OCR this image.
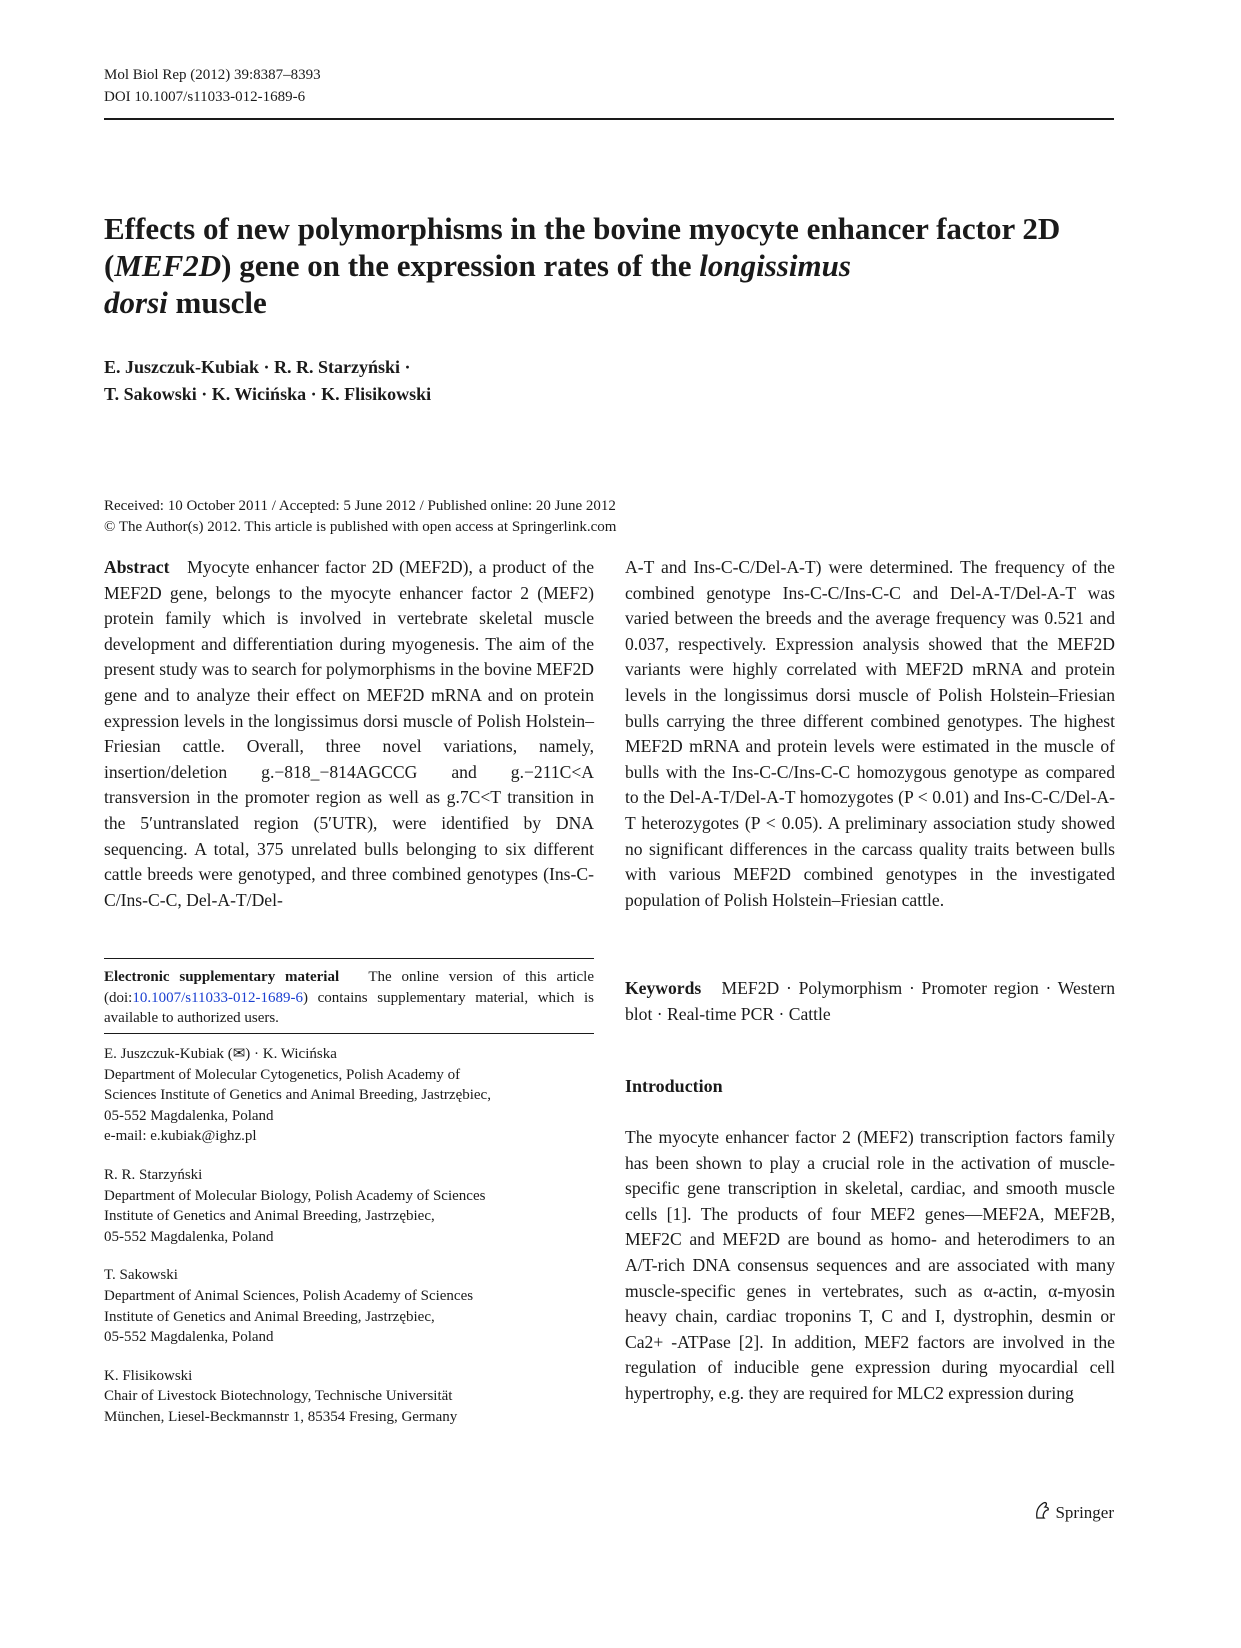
Mol Biol Rep (2012) 39:8387–8393
DOI 10.1007/s11033-012-1689-6
Effects of new polymorphisms in the bovine myocyte enhancer factor 2D (MEF2D) gene on the expression rates of the longissimus
dorsi muscle
E. Juszczuk-Kubiak · R. R. Starzyński ·
T. Sakowski · K. Wicińska · K. Flisikowski
Received: 10 October 2011 / Accepted: 5 June 2012 / Published online: 20 June 2012
© The Author(s) 2012. This article is published with open access at Springerlink.com
Abstract Myocyte enhancer factor 2D (MEF2D), a product of the MEF2D gene, belongs to the myocyte enhancer factor 2 (MEF2) protein family which is involved in vertebrate skeletal muscle development and differentiation during myogenesis. The aim of the present study was to search for polymorphisms in the bovine MEF2D gene and to analyze their effect on MEF2D mRNA and on protein expression levels in the longissimus dorsi muscle of Polish Holstein–Friesian cattle. Overall, three novel variations, namely, insertion/deletion g.−818_−814AGCCG and g.−211C<A transversion in the promoter region as well as g.7C<T transition in the 5′untranslated region (5′UTR), were identified by DNA sequencing. A total, 375 unrelated bulls belonging to six different cattle breeds were genotyped, and three combined genotypes (Ins-C-C/Ins-C-C, Del-A-T/Del-
Electronic supplementary material The online version of this article (doi:10.1007/s11033-012-1689-6) contains supplementary material, which is available to authorized users.

E. Juszczuk-Kubiak (✉) · K. Wicińska

Department of Molecular Cytogenetics, Polish Academy of

Sciences Institute of Genetics and Animal Breeding, Jastrzębiec,

05-552 Magdalenka, Poland

e-mail: e.kubiak@ighz.pl

R. R. Starzyński

Department of Molecular Biology, Polish Academy of Sciences

Institute of Genetics and Animal Breeding, Jastrzębiec,

05-552 Magdalenka, Poland

T. Sakowski

Department of Animal Sciences, Polish Academy of Sciences

Institute of Genetics and Animal Breeding, Jastrzębiec,

05-552 Magdalenka, Poland

K. Flisikowski

Chair of Livestock Biotechnology, Technische Universität

München, Liesel-Beckmannstr 1, 85354 Fresing, Germany

A-T and Ins-C-C/Del-A-T) were determined. The frequency of the combined genotype Ins-C-C/Ins-C-C and Del-A-T/Del-A-T was varied between the breeds and the average frequency was 0.521 and 0.037, respectively. Expression analysis showed that the MEF2D variants were highly correlated with MEF2D mRNA and protein levels in the longissimus dorsi muscle of Polish Holstein–Friesian bulls carrying the three different combined genotypes. The highest MEF2D mRNA and protein levels were estimated in the muscle of bulls with the Ins-C-C/Ins-C-C homozygous genotype as compared to the Del-A-T/Del-A-T homozygotes (P < 0.01) and Ins-C-C/Del-A-T heterozygotes (P < 0.05). A preliminary association study showed no significant differences in the carcass quality traits between bulls with various MEF2D combined genotypes in the investigated population of Polish Holstein–Friesian cattle.
Keywords MEF2D · Polymorphism · Promoter region · Western blot · Real-time PCR · Cattle
Introduction
The myocyte enhancer factor 2 (MEF2) transcription factors family has been shown to play a crucial role in the activation of muscle-specific gene transcription in skeletal, cardiac, and smooth muscle cells [1]. The products of four MEF2 genes—MEF2A, MEF2B, MEF2C and MEF2D are bound as homo- and heterodimers to an A/T-rich DNA consensus sequences and are associated with many muscle-specific genes in vertebrates, such as α-actin, α-myosin heavy chain, cardiac troponins T, C and I, dystrophin, desmin or Ca2+ -ATPase [2]. In addition, MEF2 factors are involved in the regulation of inducible gene expression during myocardial cell hypertrophy, e.g. they are required for MLC2 expression during
Springer
